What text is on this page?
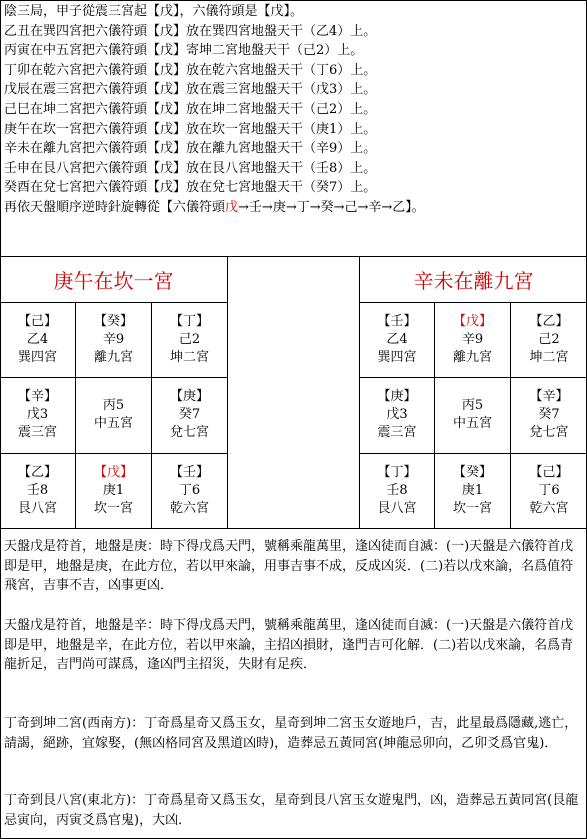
陰三局，甲子從震三宮起【戊】，六儀符頭是【戊】。
乙丑在巽四宮把六儀符頭【戊】放在巽四宮地盤天干（乙4）上。
丙寅在中五宮把六儀符頭【戊】寄坤二宮地盤天干（己2）上。
丁卯在乾六宮把六儀符頭【戊】放在乾六宮地盤天干（丁6）上。
戊辰在震三宮把六儀符頭【戊】放在震三宮地盤天干（戊3）上。
己巳在坤二宮把六儀符頭【戊】放在坤二宮地盤天干（己2）上。
庚午在坎一宮把六儀符頭【戊】放在坎一宮地盤天干（庚1）上。
辛未在離九宮把六儀符頭【戊】放在離九宮地盤天干（辛9）上。
壬申在艮八宮把六儀符頭【戊】放在艮八宮地盤天干（壬8）上。
癸酉在兌七宮把六儀符頭【戊】放在兌七宮地盤天干（癸7）上。
再依天盤順序逆時針旋轉從【六儀符頭戊→壬→庚→丁→癸→己→辛→乙】。
庚午在坎一宮	辛未在離九宮
【己】
乙4
巽四宮
【癸】
辛9
離九宮
【丁】
己2
坤二宮
【辛】
戊3
震三宮
丙5
中五宮
【庚】
癸7
兌七宮
【乙】
壬8
艮八宮
【戊】
庚1
坎一宮
【壬】
丁6
乾六宮
【壬】
乙4
巽四宮
【戊】
辛9
離九宮
【乙】
己2
坤二宮
【庚】
戊3
震三宮
丙5
中五宮
【辛】
癸7
兌七宮
【丁】
壬8
艮八宮
【癸】
庚1
坎一宮
【己】
丁6
乾六宮
天盤戊是符首，地盤是庚：時下得戊爲天門，號稱乘龍萬里，逢凶徒而自滅：(一)天盤是六儀符首戊即是甲，地盤是庚，在此方位，若以甲來論，用事吉事不成，反成凶災．(二)若以戊來論，名爲值符飛宮，吉事不吉，凶事更凶．
天盤戊是符首，地盤是辛：時下得戊爲天門，號稱乘龍萬里，逢凶徒而自滅：(一)天盤是六儀符首戊即是甲，地盤是辛，在此方位，若以甲來論，主招凶損財，逢門吉可化解．(二)若以戊來論，名爲青龍折足，吉門尚可謀爲，逢凶門主招災，失財有足疾．
丁奇到坤二宮(西南方)：丁奇爲星奇又爲玉女，星奇到坤二宮玉女遊地戶，吉，此星最爲隱藏,逃亡，請謁，絕跡，宜嫁娶，(無凶格同宮及黑道凶時)，造葬忌五黃同宮(坤龍忌卯向，乙卯爻爲官鬼)．
丁奇到艮八宮(東北方)：丁奇爲星奇又爲玉女，星奇到艮八宮玉女遊鬼門，凶，造葬忌五黃同宮(艮龍忌寅向，丙寅爻爲官鬼)，大凶．
